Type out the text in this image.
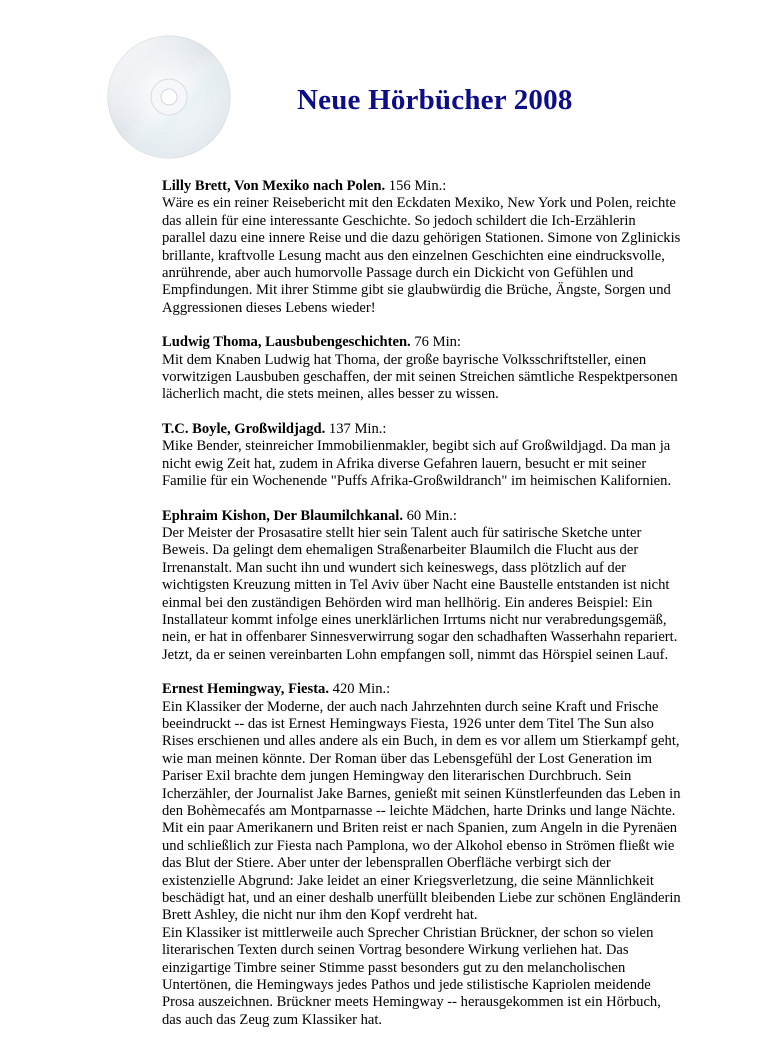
Neue Hörbücher 2008

Lilly Brett, Von Mexiko nach Polen. 156 Min.:

Wäre es ein reiner Reisebericht mit den Eckdaten Mexiko, New York und Polen, reichte das allein für eine interessante Geschichte. So jedoch schildert die Ich-Erzählerin parallel dazu eine innere Reise und die dazu gehörigen Stationen. Simone von Zglinickis brillante, kraftvolle Lesung macht aus den einzelnen Geschichten eine eindrucksvolle, anrührende, aber auch humorvolle Passage durch ein Dickicht von Gefühlen und Empfindungen. Mit ihrer Stimme gibt sie glaubwürdig die Brüche, Ängste, Sorgen und Aggressionen dieses Lebens wieder!

Ludwig Thoma, Lausbubengeschichten. 76 Min:

Mit dem Knaben Ludwig hat Thoma, der große bayrische Volksschriftsteller, einen vorwitzigen Lausbuben geschaffen, der mit seinen Streichen sämtliche Respektpersonen lächerlich macht, die stets meinen, alles besser zu wissen.

T.C. Boyle, Großwildjagd. 137 Min.:

Mike Bender, steinreicher Immobilienmakler, begibt sich auf Großwildjagd. Da man ja nicht ewig Zeit hat, zudem in Afrika diverse Gefahren lauern, besucht er mit seiner Familie für ein Wochenende "Puffs Afrika-Großwildranch" im heimischen Kalifornien.

Ephraim Kishon, Der Blaumilchkanal. 60 Min.:

Der Meister der Prosasatire stellt hier sein Talent auch für satirische Sketche unter Beweis. Da gelingt dem ehemaligen Straßenarbeiter Blaumilch die Flucht aus der Irrenanstalt. Man sucht ihn und wundert sich keineswegs, dass plötzlich auf der wichtigsten Kreuzung mitten in Tel Aviv über Nacht eine Baustelle entstanden ist nicht einmal bei den zuständigen Behörden wird man hellhörig. Ein anderes Beispiel: Ein Installateur kommt infolge eines unerklärlichen Irrtums nicht nur verabredungsgemäß, nein, er hat in offenbarer Sinnesverwirrung sogar den schadhaften Wasserhahn repariert. Jetzt, da er seinen vereinbarten Lohn empfangen soll, nimmt das Hörspiel seinen Lauf.

Ernest Hemingway, Fiesta. 420 Min.:

Ein Klassiker der Moderne, der auch nach Jahrzehnten durch seine Kraft und Frische beeindruckt -- das ist Ernest Hemingways Fiesta, 1926 unter dem Titel The Sun also Rises erschienen und alles andere als ein Buch, in dem es vor allem um Stierkampf geht, wie man meinen könnte. Der Roman über das Lebensgefühl der Lost Generation im Pariser Exil brachte dem jungen Hemingway den literarischen Durchbruch. Sein Icherzähler, der Journalist Jake Barnes, genießt mit seinen Künstlerfeunden das Leben in den Bohèmecafés am Montparnasse -- leichte Mädchen, harte Drinks und lange Nächte. Mit ein paar Amerikanern und Briten reist er nach Spanien, zum Angeln in die Pyrenäen und schließlich zur Fiesta nach Pamplona, wo der Alkohol ebenso in Strömen fließt wie das Blut der Stiere. Aber unter der lebensprallen Oberfläche verbirgt sich der existenzielle Abgrund: Jake leidet an einer Kriegsverletzung, die seine Männlichkeit beschädigt hat, und an einer deshalb unerfüllt bleibenden Liebe zur schönen Engländerin Brett Ashley, die nicht nur ihm den Kopf verdreht hat.

Ein Klassiker ist mittlerweile auch Sprecher Christian Brückner, der schon so vielen literarischen Texten durch seinen Vortrag besondere Wirkung verliehen hat. Das einzigartige Timbre seiner Stimme passt besonders gut zu den melancholischen Untertönen, die Hemingways jedes Pathos und jede stilistische Kapriolen meidende Prosa auszeichnen. Brückner meets Hemingway -- herausgekommen ist ein Hörbuch, das auch das Zeug zum Klassiker hat.
